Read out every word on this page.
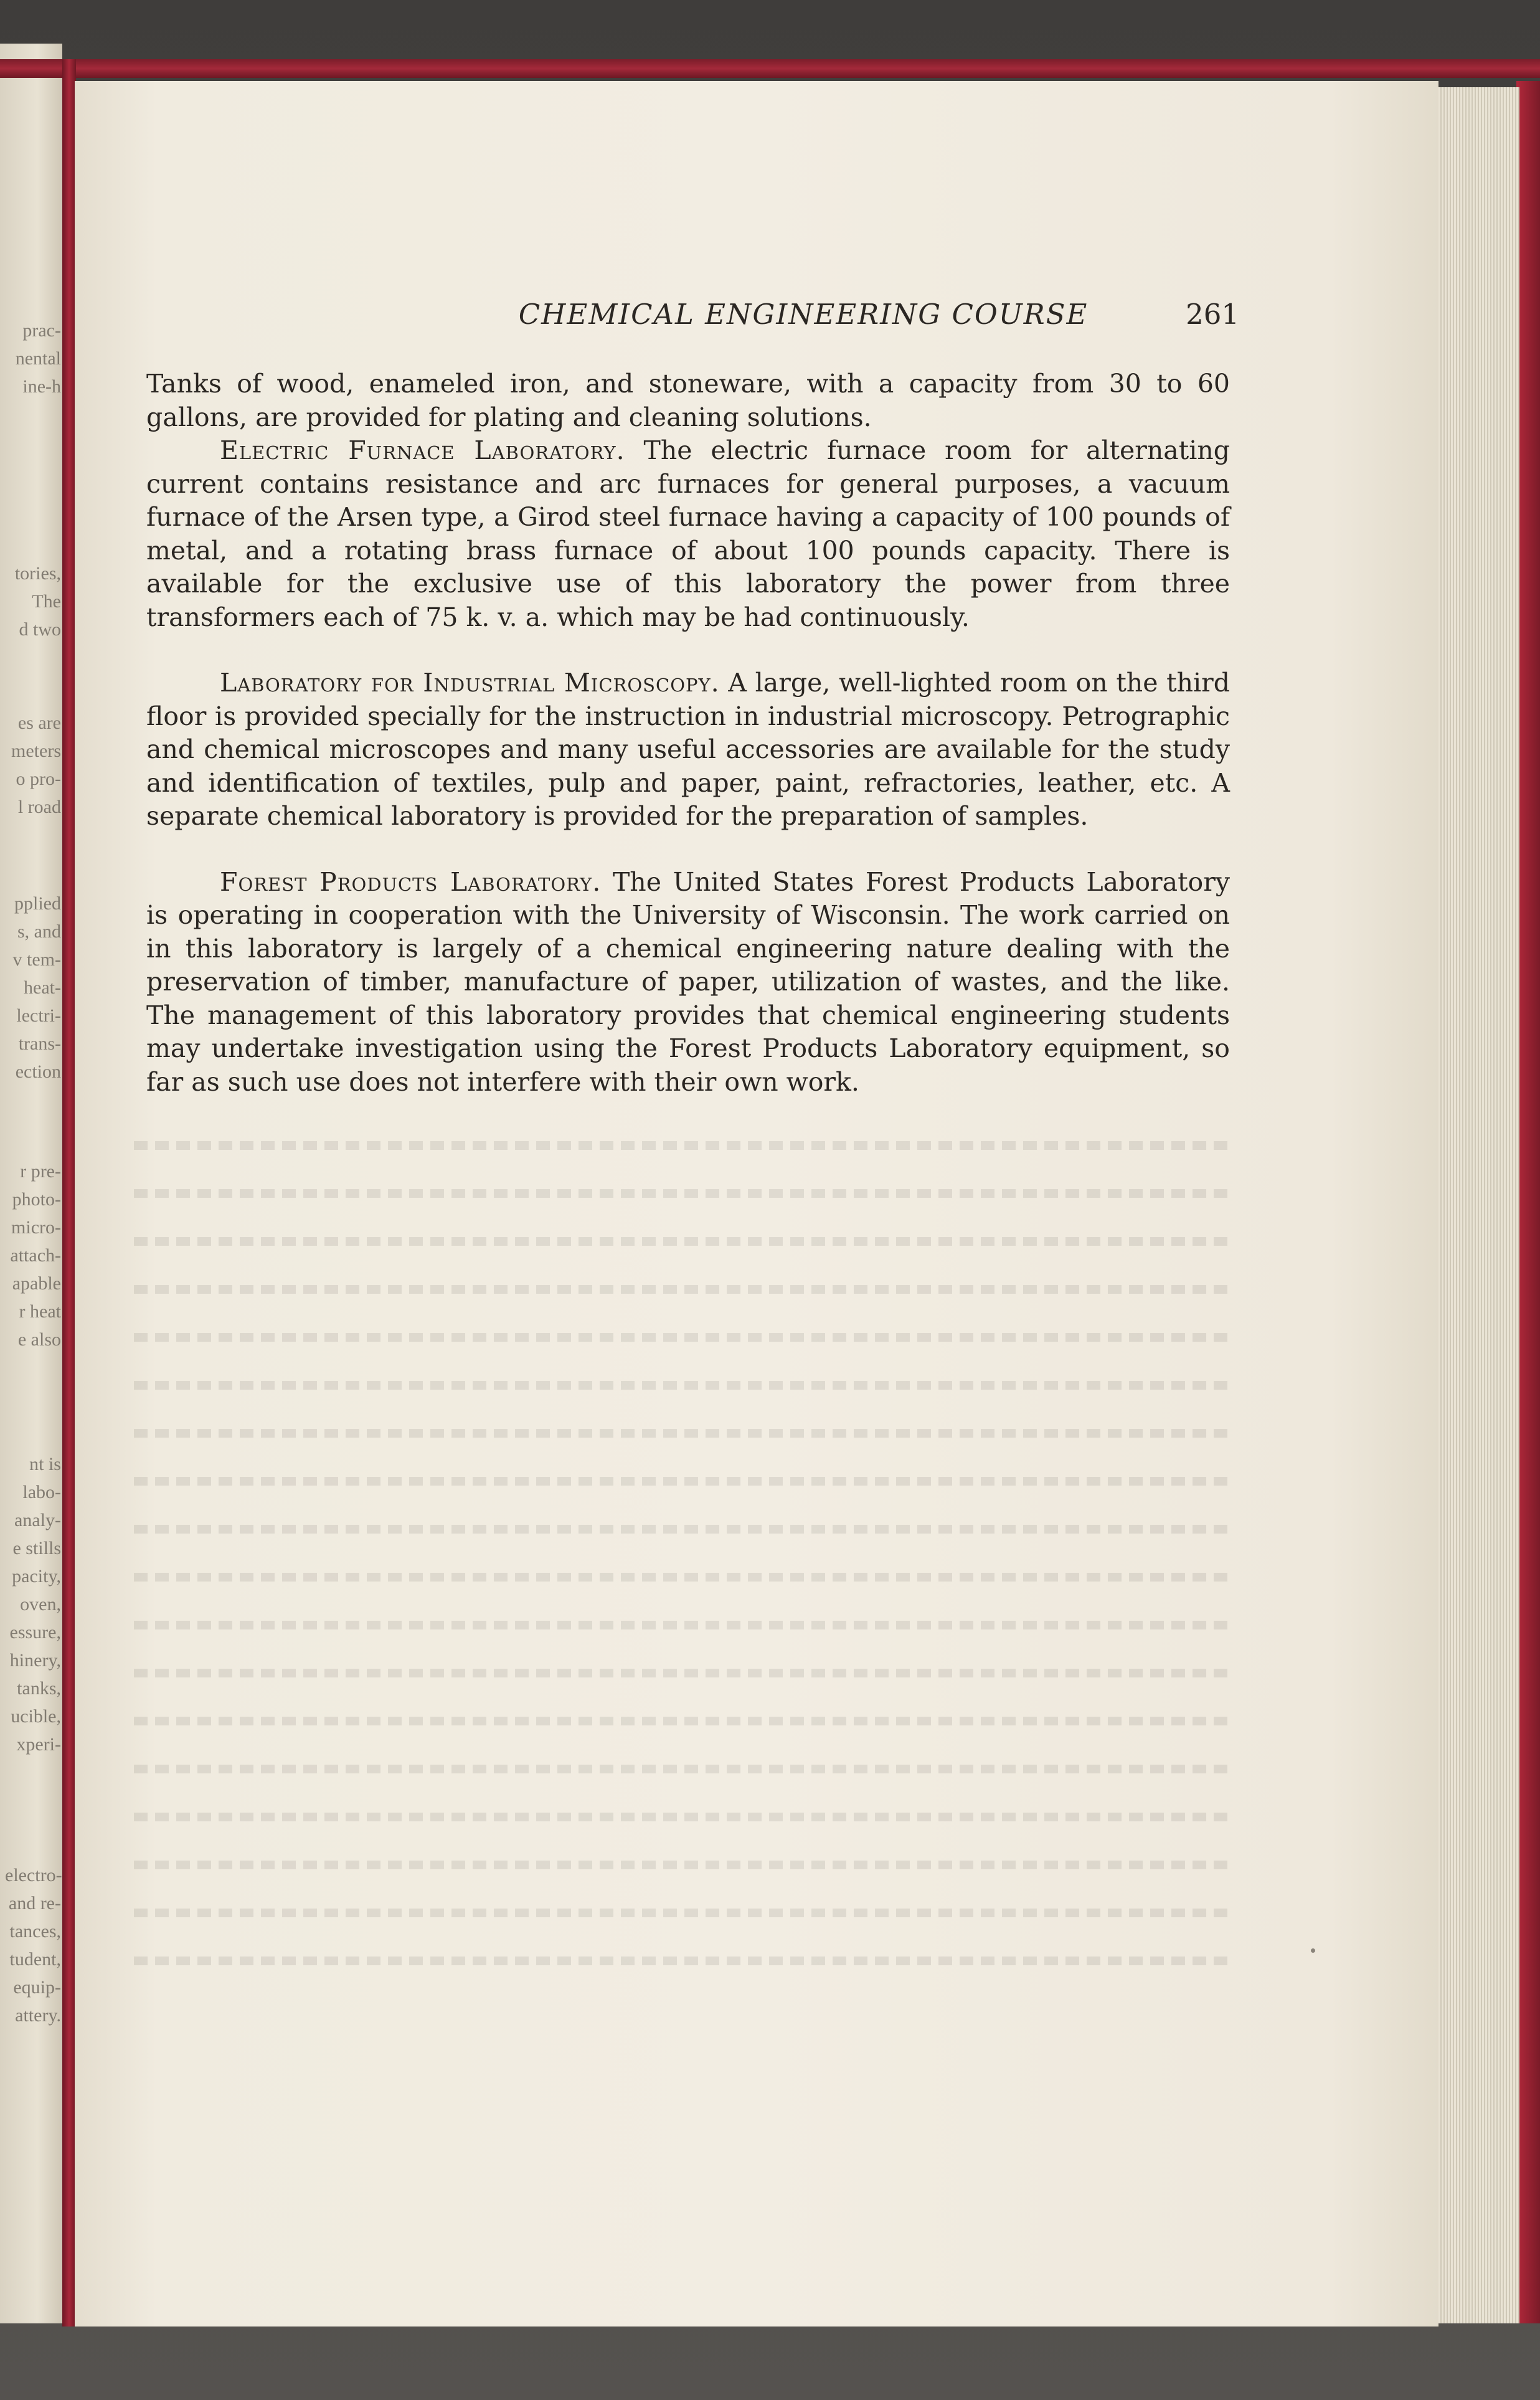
prac-
nental
ine-h
tories,
The
d two
es are
meters
o pro-
l road
pplied
s, and
v tem-
heat-
lectri-
trans-
ection
r pre-
photo-
micro-
attach-
apable
r heat
e also
nt is
labo-
analy-
e stills
pacity,
oven,
essure,
hinery,
tanks,
ucible,
xperi-
electro-
and re-
tances,
tudent,
equip-
attery.
CHEMICAL ENGINEERING COURSE	261

Tanks of wood, enameled iron, and stoneware, with a capacity from 30 to 60 gallons, are provided for plating and cleaning solutions.

Electric Furnace Laboratory. The electric furnace room for alternating current contains resistance and arc furnaces for general purposes, a vacuum furnace of the Arsen type, a Girod steel furnace having a capacity of 100 pounds of metal, and a rotating brass furnace of about 100 pounds capacity. There is available for the exclusive use of this laboratory the power from three transformers each of 75 k. v. a. which may be had continuously.

Laboratory for Industrial Microscopy. A large, well-lighted room on the third floor is provided specially for the instruction in industrial microscopy. Petrographic and chemical microscopes and many useful accessories are available for the study and identification of textiles, pulp and paper, paint, refractories, leather, etc. A separate chemical laboratory is provided for the preparation of samples.

Forest Products Laboratory. The United States Forest Products Laboratory is operating in cooperation with the University of Wisconsin. The work carried on in this laboratory is largely of a chemical engineering nature dealing with the preservation of timber, manufacture of paper, utilization of wastes, and the like. The management of this laboratory provides that chemical engineering students may undertake investigation using the Forest Products Laboratory equipment, so far as such use does not interfere with their own work.
